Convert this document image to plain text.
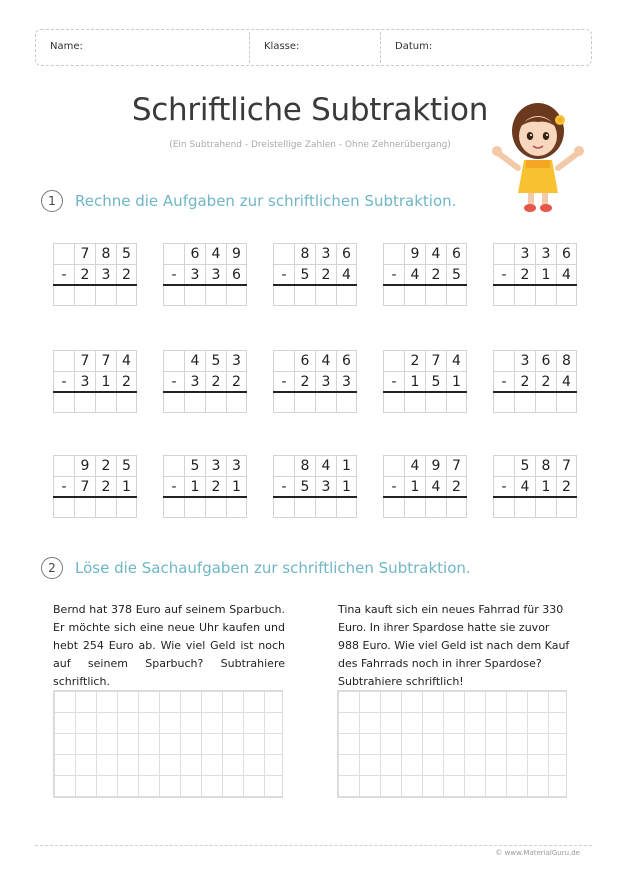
Name:	Klasse:	Datum:
Schriftliche Subtraktion
(Ein Subtrahend - Dreistellige Zahlen - Ohne Zehnerübergang)
1	Rechne die Aufgaben zur schriftlichen Subtraktion.
7 8 5
-	2 3 2
6 4 9
-	3 3 6
8 3 6
-	5 2 4
9 4 6
-	4 2 5
3 3 6
-	2 1 4
7 7 4
-	3 1 2
4 5 3
-	3 2 2
6 4 6
-	2 3 3
2 7 4
-	1 5 1
3 6 8
-	2 2 4
9 2 5
-	7 2 1
5 3 3
-	1 2 1
8 4 1
-	5 3 1
4 9 7
-	1 4 2
5 8 7
-	4 1 2
2	Löse die Sachaufgaben zur schriftlichen Subtraktion.
Bernd hat 378 Euro auf seinem Sparbuch. Er möchte sich eine neue Uhr kaufen und hebt 254 Euro ab. Wie viel Geld ist noch auf seinem Sparbuch? Subtrahiere schriftlich.
Tina kauft sich ein neues Fahrrad für 330 Euro. In ihrer Spardose hatte sie zuvor 988 Euro. Wie viel Geld ist nach dem Kauf des Fahrrads noch in ihrer Spardose? Subtrahiere schriftlich!
© www.MaterialGuru.de
